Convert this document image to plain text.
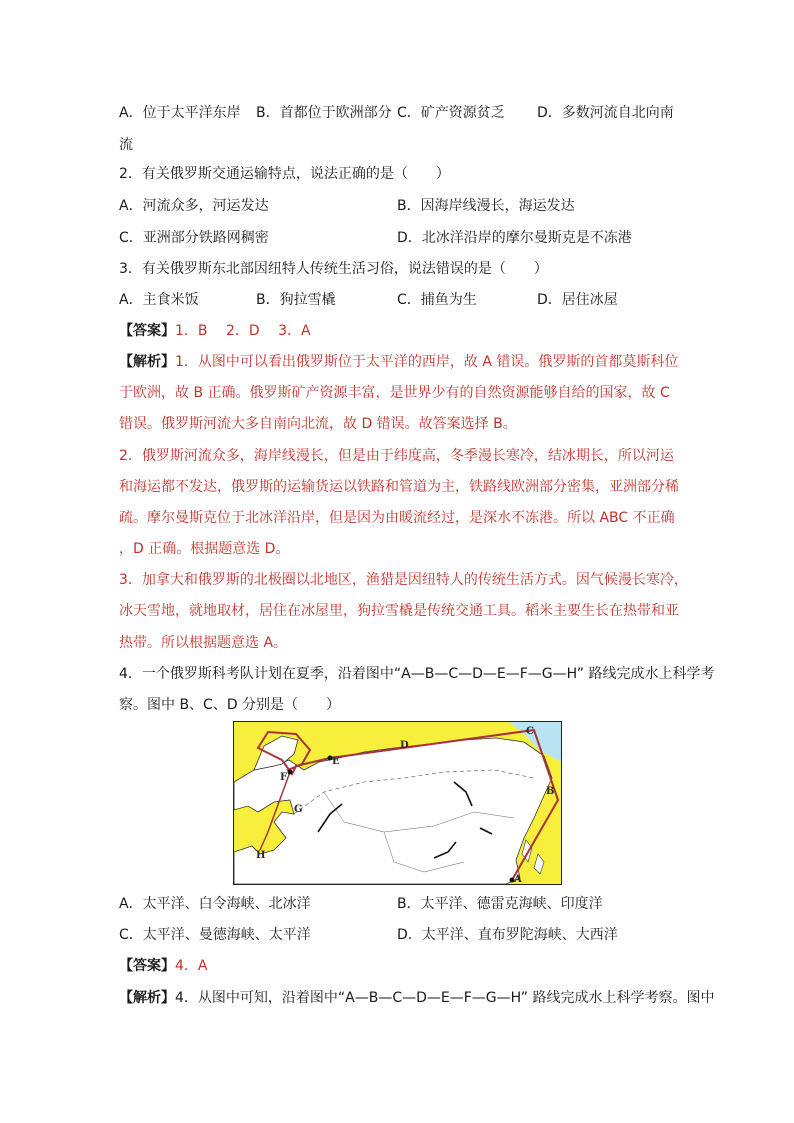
A．位于太平洋东岸 B．首都位于欧洲部分 C．矿产资源贫乏 D．多数河流自北向南
流
2．有关俄罗斯交通运输特点，说法正确的是（　　）
A．河流众多，河运发达	B．因海岸线漫长，海运发达
C．亚洲部分铁路网稠密	D．北冰洋沿岸的摩尔曼斯克是不冻港
3．有关俄罗斯东北部因纽特人传统生活习俗，说法错误的是（　　）
A．主食米饭	B．狗拉雪橇	C．捕鱼为生	D．居住冰屋
【答案】1．B　 2．D　 3．A
【解析】1．从图中可以看出俄罗斯位于太平洋的西岸，故 A 错误。俄罗斯的首都莫斯科位
于欧洲，故 B 正确。俄罗斯矿产资源丰富，是世界少有的自然资源能够自给的国家，故 C
错误。俄罗斯河流大多自南向北流，故 D 错误。故答案选择 B。
2．俄罗斯河流众多，海岸线漫长，但是由于纬度高，冬季漫长寒冷，结冰期长，所以河运
和海运都不发达，俄罗斯的运输货运以铁路和管道为主，铁路线欧洲部分密集，亚洲部分稀
疏。摩尔曼斯克位于北冰洋沿岸，但是因为由暖流经过，是深水不冻港。所以 ABC 不正确
，D 正确。根据题意选 D。
3．加拿大和俄罗斯的北极圈以北地区，渔猎是因纽特人的传统生活方式。因气候漫长寒冷，
冰天雪地，就地取材，居住在冰屋里，狗拉雪橇是传统交通工具。稻米主要生长在热带和亚
热带。所以根据题意选 A。
4．一个俄罗斯科考队计划在夏季，沿着图中“A—B—C—D—E—F—G—H” 路线完成水上科学考
察。图中 B、C、D 分别是（　　）
A
B
C
D
E
F
G
H
A．太平洋、白令海峡、北冰洋	B．太平洋、德雷克海峡、印度洋
C．太平洋、曼德海峡、太平洋	D．太平洋、直布罗陀海峡、大西洋
【答案】4．A
【解析】4．从图中可知，沿着图中“A—B—C—D—E—F—G—H” 路线完成水上科学考察。图中
